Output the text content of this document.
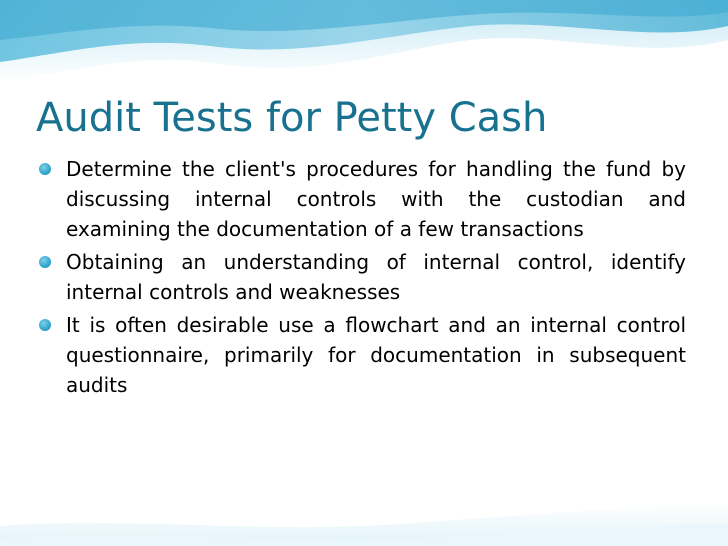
Audit Tests for Petty Cash
Determine the client's procedures for handling the fund by discussing internal controls with the custodian and examining the documentation of a few transactions
Obtaining an understanding of internal control, identify internal controls and weaknesses
It is often desirable use a flowchart and an internal control questionnaire, primarily for documentation in subsequent audits
